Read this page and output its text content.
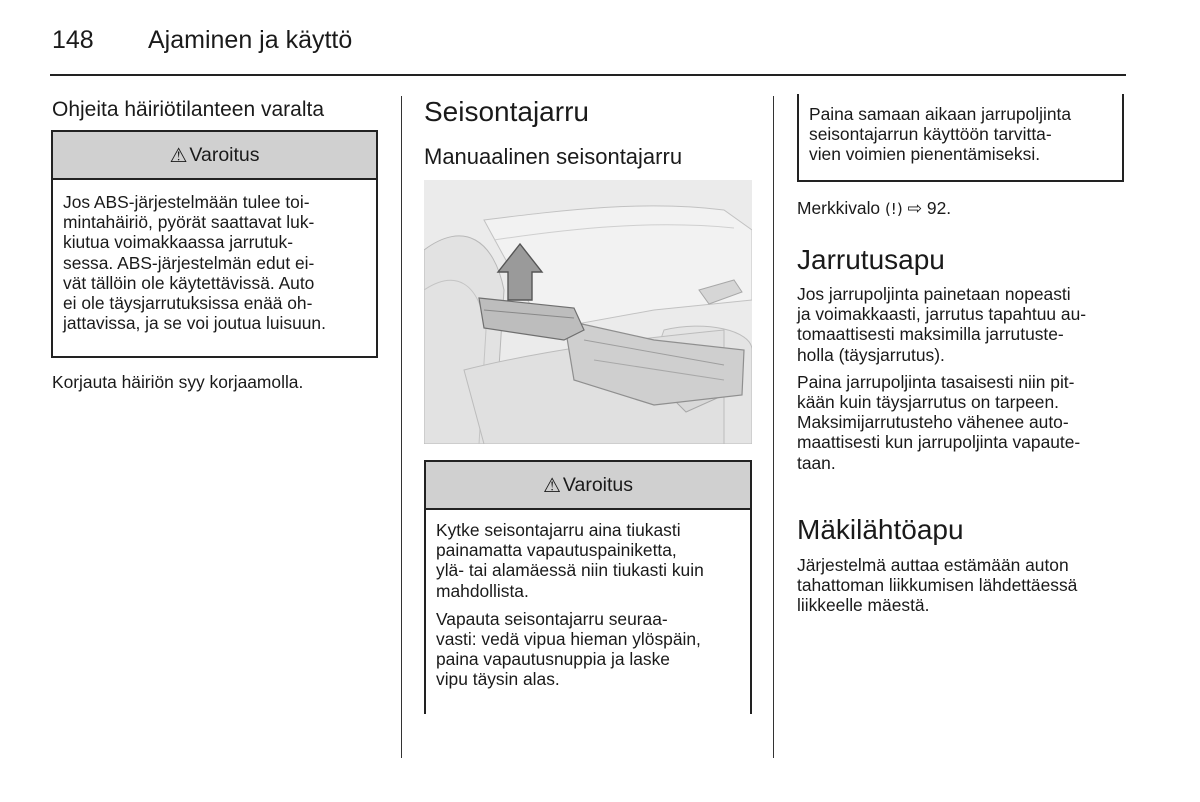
148 Ajaminen ja käyttö
Ohjeita häiriötilanteen varalta
⚠ Varoitus

Jos ABS-järjestelmään tulee toi-

mintahäiriö, pyörät saattavat luk-

kiutua voimakkaassa jarrutuk-

sessa. ABS-järjestelmän edut ei-

vät tällöin ole käytettävissä. Auto

ei ole täysjarrutuksissa enää oh-

jattavissa, ja se voi joutua luisuun.

Korjauta häiriön syy korjaamolla.
Seisontajarru
Manuaalinen seisontajarru
⚠ Varoitus

Kytke seisontajarru aina tiukasti

painamatta vapautuspainiketta,

ylä- tai alamäessä niin tiukasti kuin

mahdollista.

Vapauta seisontajarru seuraa-

vasti: vedä vipua hieman ylöspäin,

paina vapautusnuppia ja laske

vipu täysin alas.

Paina samaan aikaan jarrupoljinta

seisontajarrun käyttöön tarvitta-

vien voimien pienentämiseksi.

Merkkivalo (!) ⇨ 92.
Jarrutusapu

Jos jarrupoljinta painetaan nopeasti

ja voimakkaasti, jarrutus tapahtuu au-

tomaattisesti maksimilla jarrutuste-

holla (täysjarrutus).

Paina jarrupoljinta tasaisesti niin pit-

kään kuin täysjarrutus on tarpeen.

Maksimijarrutusteho vähenee auto-

maattisesti kun jarrupoljinta vapaute-

taan.

Mäkilähtöapu

Järjestelmä auttaa estämään auton

tahattoman liikkumisen lähdettäessä

liikkeelle mäestä.
